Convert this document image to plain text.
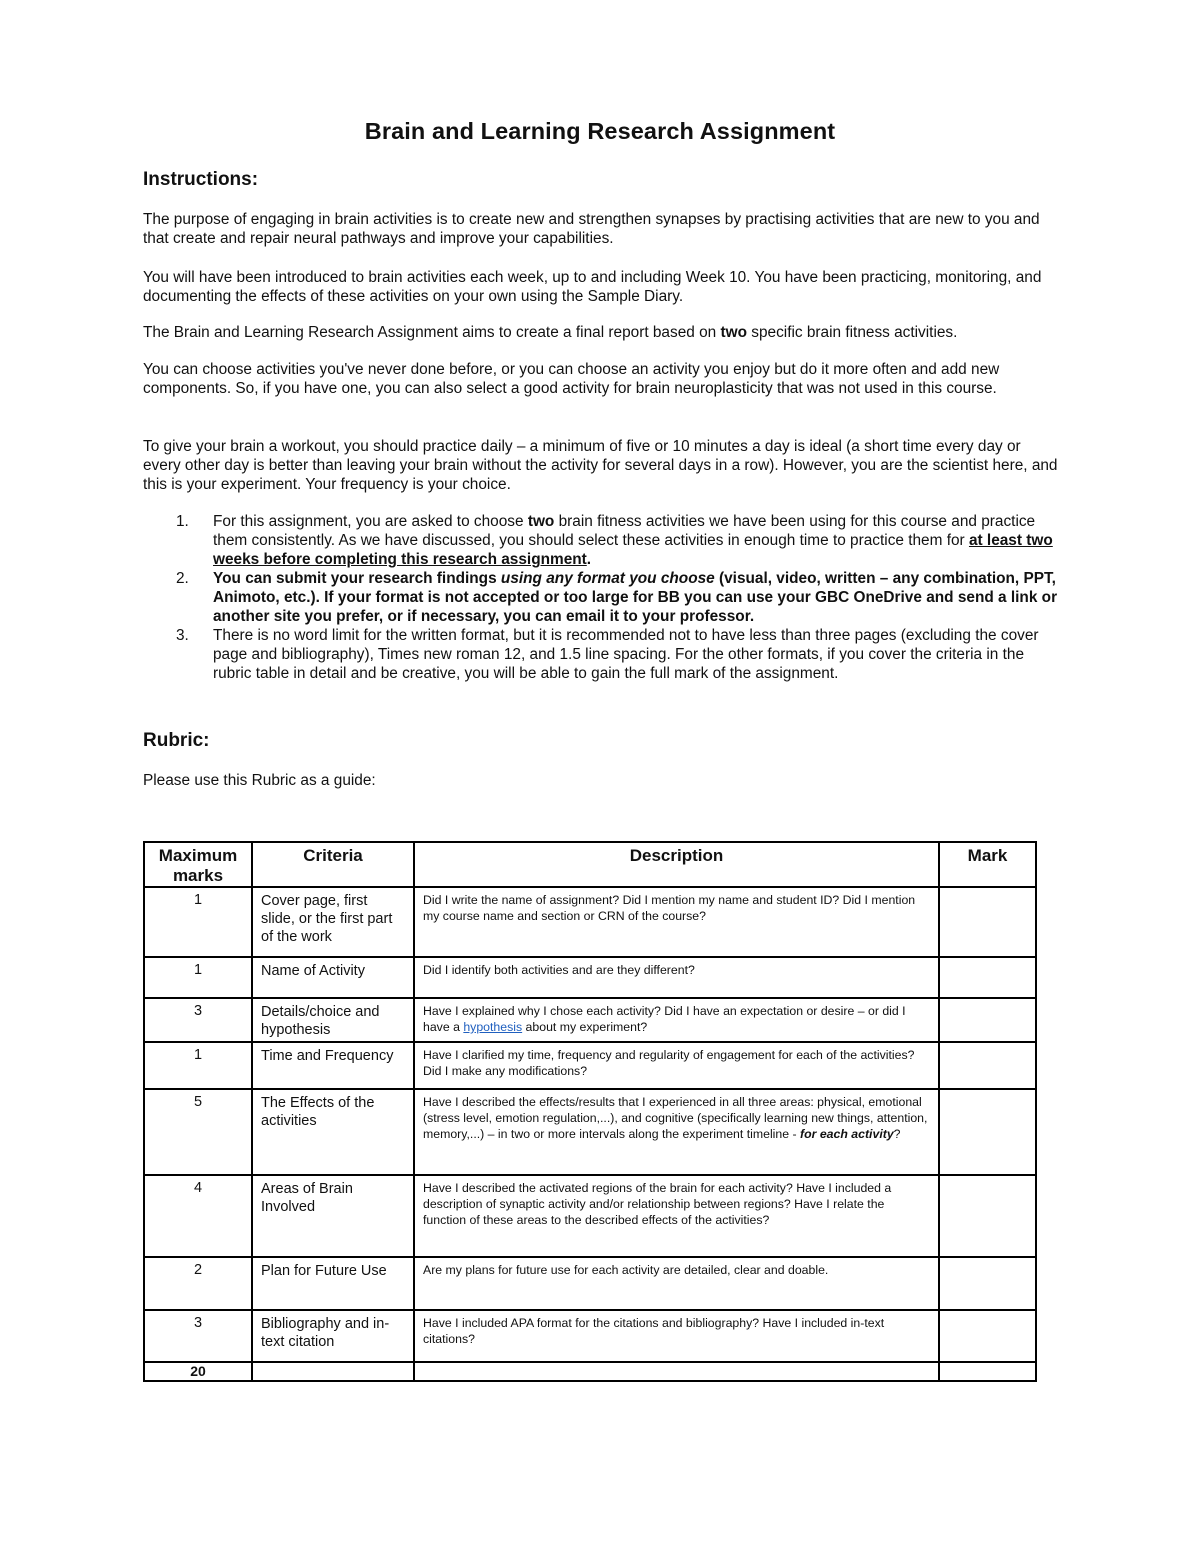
Brain and Learning Research Assignment
Instructions:

The purpose of engaging in brain activities is to create new and strengthen synapses by practising activities that are new to you and that create and repair neural pathways and improve your capabilities.

You will have been introduced to brain activities each week, up to and including Week 10. You have been practicing, monitoring, and documenting the effects of these activities on your own using the Sample Diary.

The Brain and Learning Research Assignment aims to create a final report based on two specific brain fitness activities.

You can choose activities you've never done before, or you can choose an activity you enjoy but do it more often and add new components. So, if you have one, you can also select a good activity for brain neuroplasticity that was not used in this course.

To give your brain a workout, you should practice daily – a minimum of five or 10 minutes a day is ideal (a short time every day or every other day is better than leaving your brain without the activity for several days in a row). However, you are the scientist here, and this is your experiment. Your frequency is your choice.

1. For this assignment, you are asked to choose two brain fitness activities we have been using for this course and practice them consistently. As we have discussed, you should select these activities in enough time to practice them for at least two weeks before completing this research assignment.
2. You can submit your research findings using any format you choose (visual, video, written – any combination, PPT, Animoto, etc.). If your format is not accepted or too large for BB you can use your GBC OneDrive and send a link or another site you prefer, or if necessary, you can email it to your professor.
3. There is no word limit for the written format, but it is recommended not to have less than three pages (excluding the cover page and bibliography), Times new roman 12, and 1.5 line spacing. For the other formats, if you cover the criteria in the rubric table in detail and be creative, you will be able to gain the full mark of the assignment.
Rubric:

Please use this Rubric as a guide:

Maximum marks	Criteria	Description	Mark
1	Cover page, first slide, or the first part of the work	Did I write the name of assignment? Did I mention my name and student ID? Did I mention my course name and section or CRN of the course?	
1	Name of Activity	Did I identify both activities and are they different?	
3	Details/choice and hypothesis	Have I explained why I chose each activity? Did I have an expectation or desire – or did I have a hypothesis about my experiment?	
1	Time and Frequency	Have I clarified my time, frequency and regularity of engagement for each of the activities? Did I make any modifications?	
5	The Effects of the activities	Have I described the effects/results that I experienced in all three areas: physical, emotional (stress level, emotion regulation,...), and cognitive (specifically learning new things, attention, memory,...) – in two or more intervals along the experiment timeline - for each activity?	
4	Areas of Brain Involved	Have I described the activated regions of the brain for each activity? Have I included a description of synaptic activity and/or relationship between regions? Have I relate the function of these areas to the described effects of the activities?	
2	Plan for Future Use	Are my plans for future use for each activity are detailed, clear and doable.	
3	Bibliography and in-text citation	Have I included APA format for the citations and bibliography? Have I included in-text citations?	
20			
